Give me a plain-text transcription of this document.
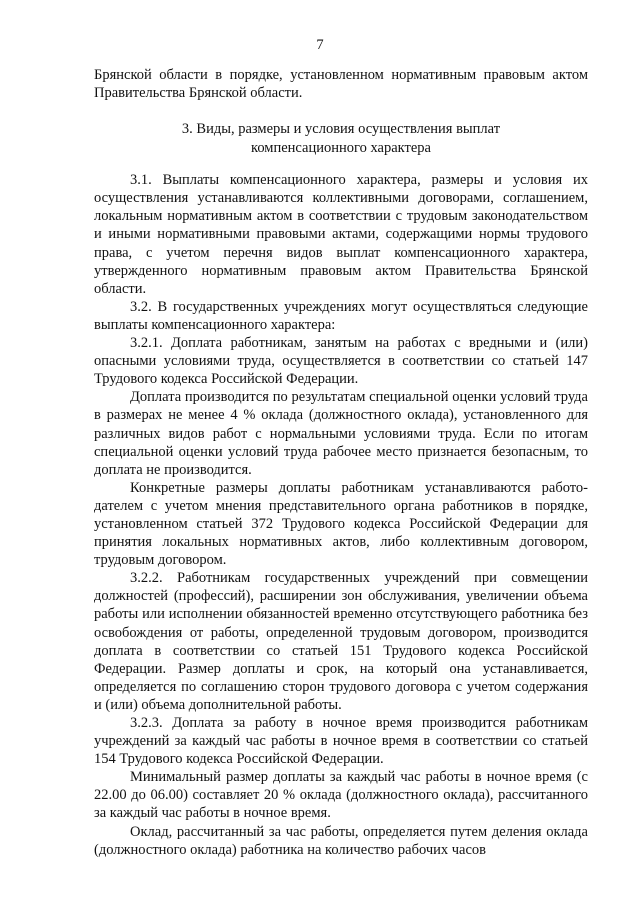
7

Брянской области в порядке, установленном нормативным правовым актом Правительства Брянской области.

3. Виды, размеры и условия осуществления выплат
компенсационного характера

3.1. Выплаты компенсационного характера, размеры и условия их осуществления устанавливаются коллективными договорами, соглашением, локальным нормативным актом в соответствии с трудовым законодательством и иными нормативными правовыми актами, содержащими нормы трудового права, с учетом перечня видов выплат компенсационного характера, утвержденного нормативным правовым актом Правительства Брянской области.

3.2. В государственных учреждениях могут осуществляться следующие выплаты компенсационного характера:

3.2.1. Доплата работникам, занятым на работах с вредными и (или) опасными условиями труда, осуществляется в соответствии со статьей 147 Трудового кодекса Российской Федерации.

Доплата производится по результатам специальной оценки условий труда в размерах не менее 4 % оклада (должностного оклада), установленного для различных видов работ с нормальными условиями труда. Если по итогам специальной оценки условий труда рабочее место признается безопасным, то доплата не производится.

Конкретные размеры доплаты работникам устанавливаются работодателем с учетом мнения представительного органа работников в порядке, установленном статьей 372 Трудового кодекса Российской Федерации для принятия локальных нормативных актов, либо коллективным договором, трудовым договором.

3.2.2. Работникам государственных учреждений при совмещении должностей (профессий), расширении зон обслуживания, увеличении объема работы или исполнении обязанностей временно отсутствующего работника без освобождения от работы, определенной трудовым договором, производится доплата в соответствии со статьей 151 Трудового кодекса Российской Федерации. Размер доплаты и срок, на который она устанавливается, определяется по соглашению сторон трудового договора с учетом содержания и (или) объема дополнительной работы.

3.2.3. Доплата за работу в ночное время производится работникам учреждений за каждый час работы в ночное время в соответствии со статьей 154 Трудового кодекса Российской Федерации.

Минимальный размер доплаты за каждый час работы в ночное время (с 22.00 до 06.00) составляет 20 % оклада (должностного оклада), рассчитанного за каждый час работы в ночное время.

Оклад, рассчитанный за час работы, определяется путем деления оклада (должностного оклада) работника на количество рабочих часов
